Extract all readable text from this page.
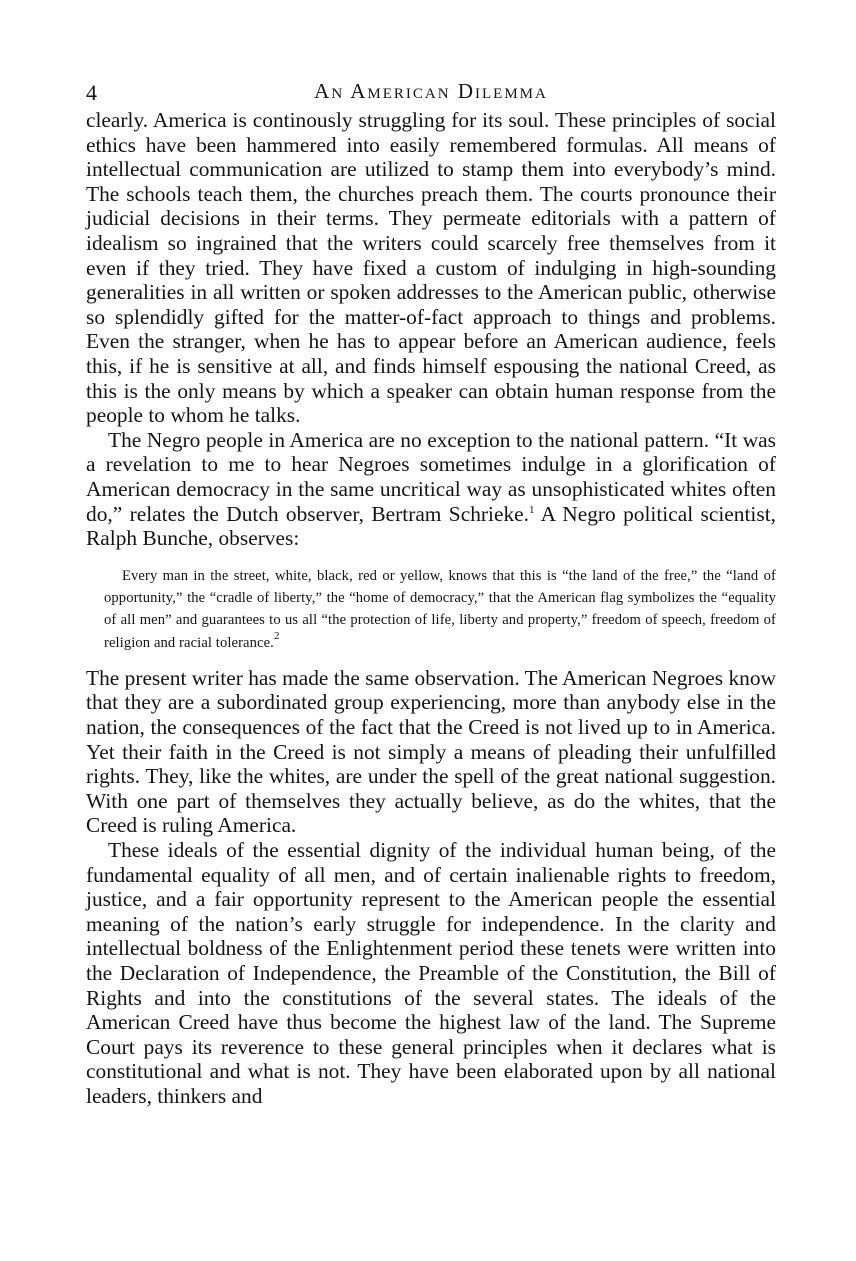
4	An American Dilemma

clearly. America is continously struggling for its soul. These principles of social ethics have been hammered into easily remembered formulas. All means of intellectual communication are utilized to stamp them into everybody’s mind. The schools teach them, the churches preach them. The courts pronounce their judicial decisions in their terms. They permeate editorials with a pattern of idealism so ingrained that the writers could scarcely free themselves from it even if they tried. They have fixed a custom of indulging in high-sounding generalities in all written or spoken addresses to the American public, otherwise so splendidly gifted for the matter-of-fact approach to things and problems. Even the stranger, when he has to appear before an American audience, feels this, if he is sensitive at all, and finds himself espousing the national Creed, as this is the only means by which a speaker can obtain human response from the people to whom he talks.

The Negro people in America are no exception to the national pattern. “It was a revelation to me to hear Negroes sometimes indulge in a glorification of American democracy in the same uncritical way as unsophisticated whites often do,” relates the Dutch observer, Bertram Schrieke.$^1$ A Negro political scientist, Ralph Bunche, observes:

Every man in the street, white, black, red or yellow, knows that this is “the land of the free,” the “land of opportunity,” the “cradle of liberty,” the “home of democracy,” that the American flag symbolizes the “equality of all men” and guarantees to us all “the protection of life, liberty and property,” freedom of speech, freedom of religion and racial tolerance.$^2$

The present writer has made the same observation. The American Negroes know that they are a subordinated group experiencing, more than anybody else in the nation, the consequences of the fact that the Creed is not lived up to in America. Yet their faith in the Creed is not simply a means of pleading their unfulfilled rights. They, like the whites, are under the spell of the great national suggestion. With one part of themselves they actually believe, as do the whites, that the Creed is ruling America.

These ideals of the essential dignity of the individual human being, of the fundamental equality of all men, and of certain inalienable rights to freedom, justice, and a fair opportunity represent to the American people the essential meaning of the nation’s early struggle for independence. In the clarity and intellectual boldness of the Enlightenment period these tenets were written into the Declaration of Independence, the Preamble of the Constitution, the Bill of Rights and into the constitutions of the several states. The ideals of the American Creed have thus become the highest law of the land. The Supreme Court pays its reverence to these general principles when it declares what is constitutional and what is not. They have been elaborated upon by all national leaders, thinkers and
